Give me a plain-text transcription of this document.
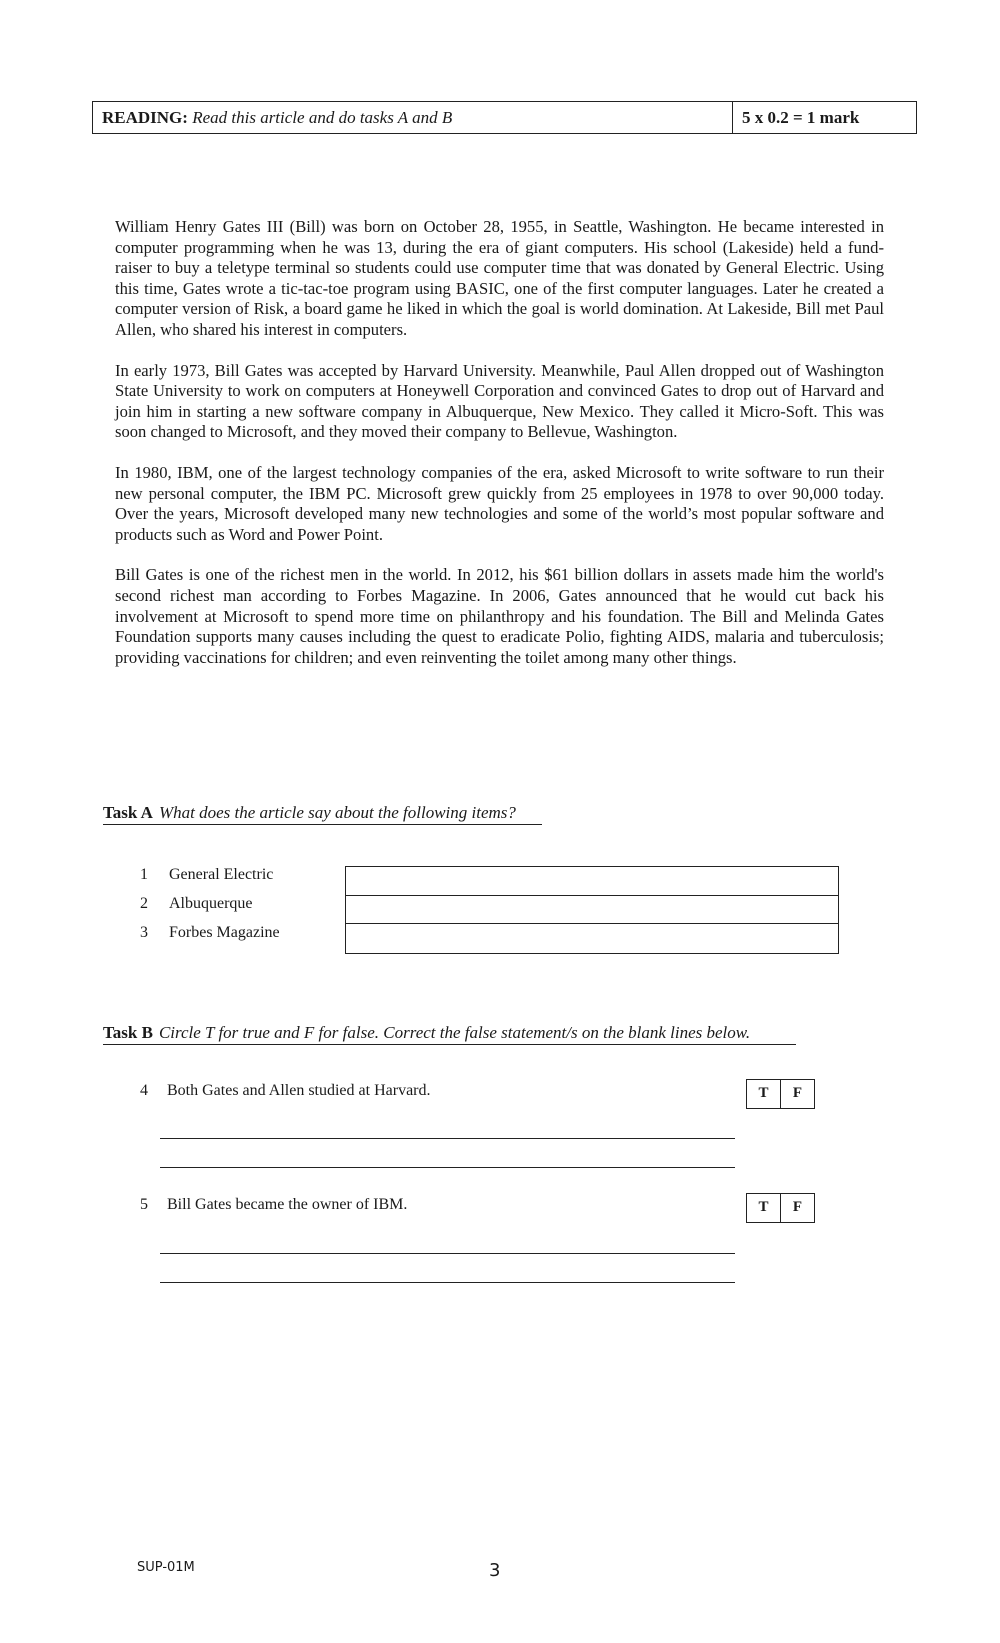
READING: Read this article and do tasks A and B	5 x 0.2 = 1 mark

William Henry Gates III (Bill) was born on October 28, 1955, in Seattle, Washington. He became interested in computer programming when he was 13, during the era of giant computers. His school (Lakeside) held a fund-raiser to buy a teletype terminal so students could use computer time that was donated by General Electric. Using this time, Gates wrote a tic-tac-toe program using BASIC, one of the first computer languages. Later he created a computer version of Risk, a board game he liked in which the goal is world domination. At Lakeside, Bill met Paul Allen, who shared his interest in computers.

In early 1973, Bill Gates was accepted by Harvard University. Meanwhile, Paul Allen dropped out of Washington State University to work on computers at Honeywell Corporation and convinced Gates to drop out of Harvard and join him in starting a new software company in Albuquerque, New Mexico. They called it Micro-Soft. This was soon changed to Microsoft, and they moved their company to Bellevue, Washington.

In 1980, IBM, one of the largest technology companies of the era, asked Microsoft to write software to run their new personal computer, the IBM PC. Microsoft grew quickly from 25 employees in 1978 to over 90,000 today. Over the years, Microsoft developed many new technologies and some of the world’s most popular software and products such as Word and Power Point.

Bill Gates is one of the richest men in the world. In 2012, his $61 billion dollars in assets made him the world's second richest man according to Forbes Magazine. In 2006, Gates announced that he would cut back his involvement at Microsoft to spend more time on philanthropy and his foundation. The Bill and Melinda Gates Foundation supports many causes including the quest to eradicate Polio, fighting AIDS, malaria and tuberculosis; providing vaccinations for children; and even reinventing the toilet among many other things.

Task A What does the article say about the following items?
1	General Electric
2	Albuquerque
3	Forbes Magazine
Task B Circle T for true and F for false. Correct the false statement/s on the blank lines below.
4 Both Gates and Allen studied at Harvard.	T	F
5 Bill Gates became the owner of IBM.	T	F
SUP-01M	3
